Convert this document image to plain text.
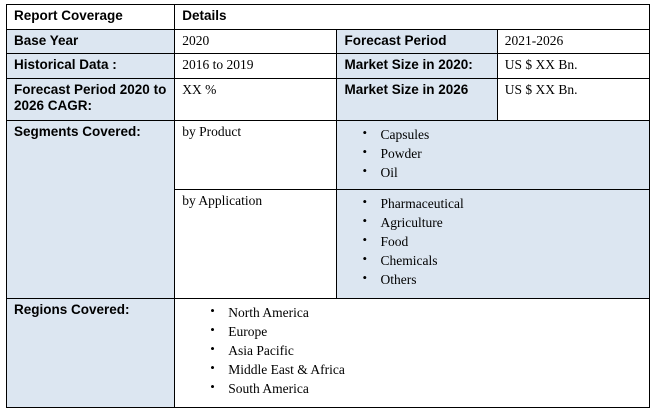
Report Coverage	Details		
Base Year	2020	Forecast Period	2021-2026
Historical Data :	2016 to 2019	Market Size in 2020:	US $ XX Bn.
Forecast Period 2020 to 2026 CAGR:	XX %	Market Size in 2026	US $ XX Bn.
Segments Covered:	by Product	
•Capsules
• Powder
• Oil

by Application	
•Pharmaceutical
• Agriculture
• Food
• Chemicals
• Others

Regions Covered:	
•North America
• Europe
• Asia Pacific
• Middle East & Africa
• South America
